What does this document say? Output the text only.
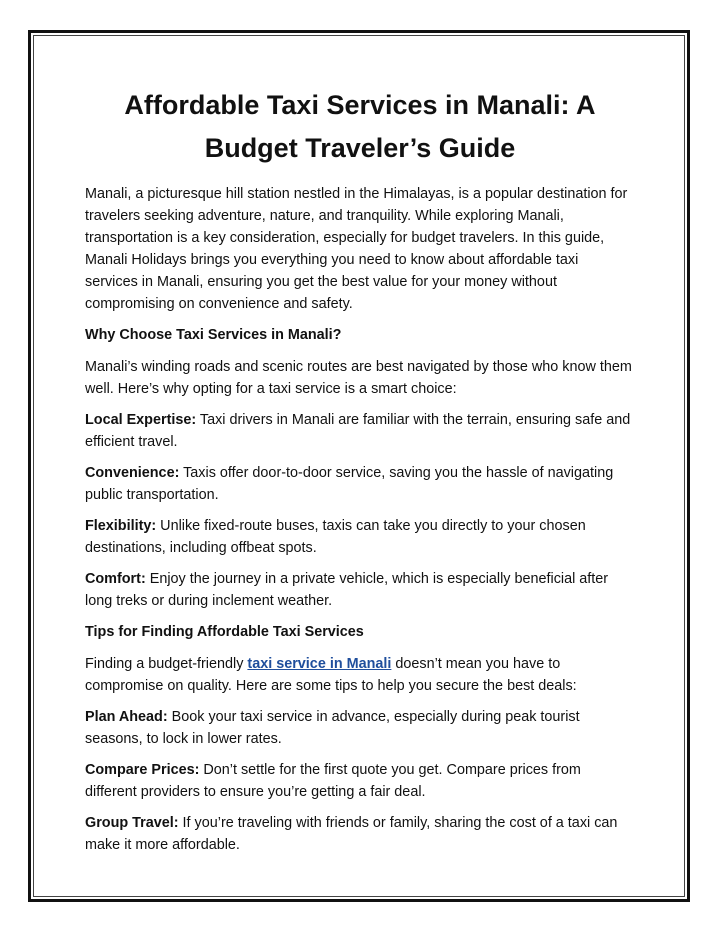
Affordable Taxi Services in Manali: A Budget Traveler’s Guide

Manali, a picturesque hill station nestled in the Himalayas, is a popular destination for travelers seeking adventure, nature, and tranquility. While exploring Manali, transportation is a key consideration, especially for budget travelers. In this guide, Manali Holidays brings you everything you need to know about affordable taxi services in Manali, ensuring you get the best value for your money without compromising on convenience and safety.

Why Choose Taxi Services in Manali?

Manali’s winding roads and scenic routes are best navigated by those who know them well. Here’s why opting for a taxi service is a smart choice:

Local Expertise: Taxi drivers in Manali are familiar with the terrain, ensuring safe and efficient travel.

Convenience: Taxis offer door-to-door service, saving you the hassle of navigating public transportation.

Flexibility: Unlike fixed-route buses, taxis can take you directly to your chosen destinations, including offbeat spots.

Comfort: Enjoy the journey in a private vehicle, which is especially beneficial after long treks or during inclement weather.

Tips for Finding Affordable Taxi Services

Finding a budget-friendly taxi service in Manali doesn’t mean you have to compromise on quality. Here are some tips to help you secure the best deals:

Plan Ahead: Book your taxi service in advance, especially during peak tourist seasons, to lock in lower rates.

Compare Prices: Don’t settle for the first quote you get. Compare prices from different providers to ensure you’re getting a fair deal.

Group Travel: If you’re traveling with friends or family, sharing the cost of a taxi can make it more affordable.
